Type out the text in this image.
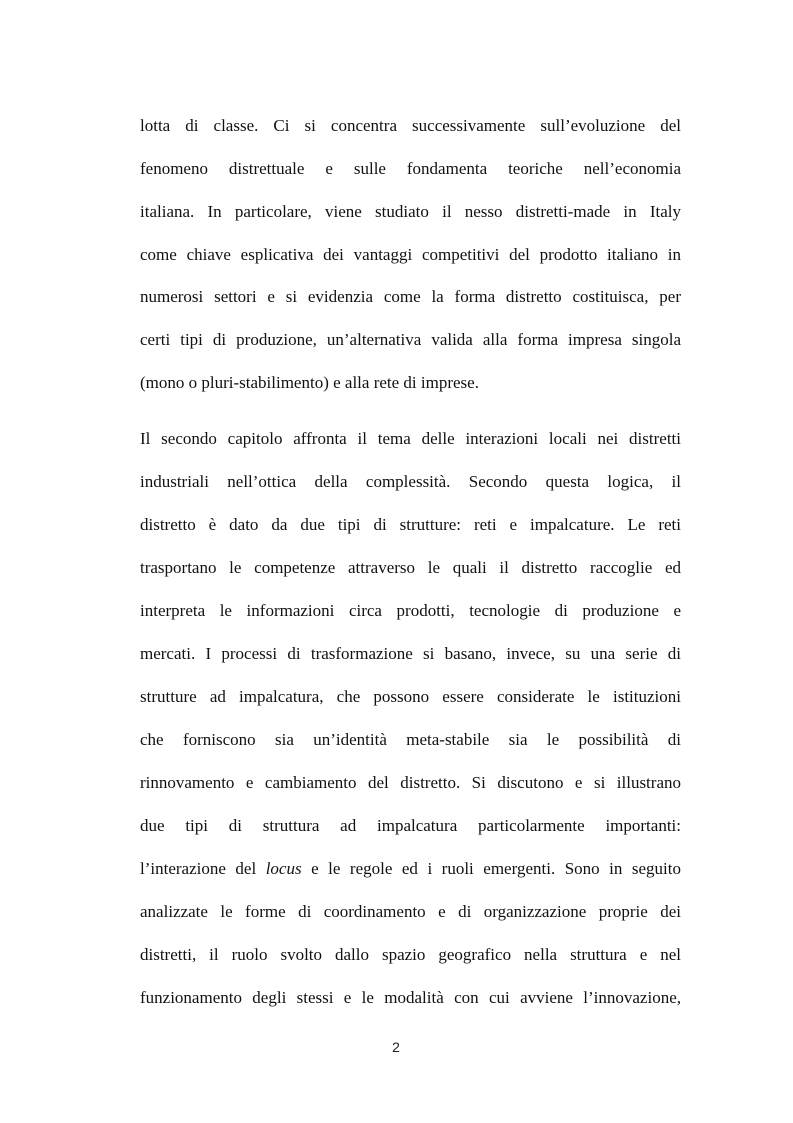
lotta di classe. Ci si concentra successivamente sull’evoluzione del
fenomeno distrettuale e sulle fondamenta teoriche nell’economia
italiana. In particolare, viene studiato il nesso distretti-made in Italy
come chiave esplicativa dei vantaggi competitivi del prodotto italiano in
numerosi settori e si evidenzia come la forma distretto costituisca, per
certi tipi di produzione, un’alternativa valida alla forma impresa singola
(mono o pluri-stabilimento) e alla rete di imprese.
Il secondo capitolo affronta il tema delle interazioni locali nei distretti
industriali nell’ottica della complessità. Secondo questa logica, il
distretto è dato da due tipi di strutture: reti e impalcature. Le reti
trasportano le competenze attraverso le quali il distretto raccoglie ed
interpreta le informazioni circa prodotti, tecnologie di produzione e
mercati. I processi di trasformazione si basano, invece, su una serie di
strutture ad impalcatura, che possono essere considerate le istituzioni
che forniscono sia un’identità meta-stabile sia le possibilità di
rinnovamento e cambiamento del distretto. Si discutono e si illustrano
due tipi di struttura ad impalcatura particolarmente importanti:
l’interazione del locus e le regole ed i ruoli emergenti. Sono in seguito
analizzate le forme di coordinamento e di organizzazione proprie dei
distretti, il ruolo svolto dallo spazio geografico nella struttura e nel
funzionamento degli stessi e le modalità con cui avviene l’innovazione,
2
